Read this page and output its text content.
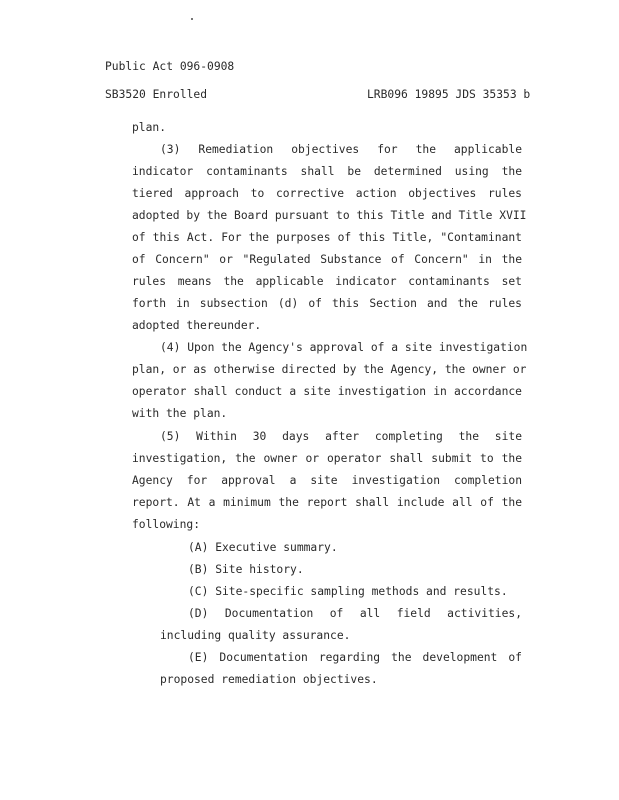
Public Act 096-0908
SB3520 Enrolled	LRB096 19895 JDS 35353 b
plan.
(3) Remediation objectives for the applicable
indicator contaminants shall be determined using the
tiered approach to corrective action objectives rules
adopted by the Board pursuant to this Title and Title XVII
of this Act. For the purposes of this Title, "Contaminant
of Concern" or "Regulated Substance of Concern" in the
rules means the applicable indicator contaminants set
forth in subsection (d) of this Section and the rules
adopted thereunder.
(4) Upon the Agency's approval of a site investigation
plan, or as otherwise directed by the Agency, the owner or
operator shall conduct a site investigation in accordance
with the plan.
(5) Within 30 days after completing the site
investigation, the owner or operator shall submit to the
Agency for approval a site investigation completion
report. At a minimum the report shall include all of the
following:
(A) Executive summary.
(B) Site history.
(C) Site-specific sampling methods and results.
(D) Documentation of all field activities,
including quality assurance.
(E) Documentation regarding the development of
proposed remediation objectives.
